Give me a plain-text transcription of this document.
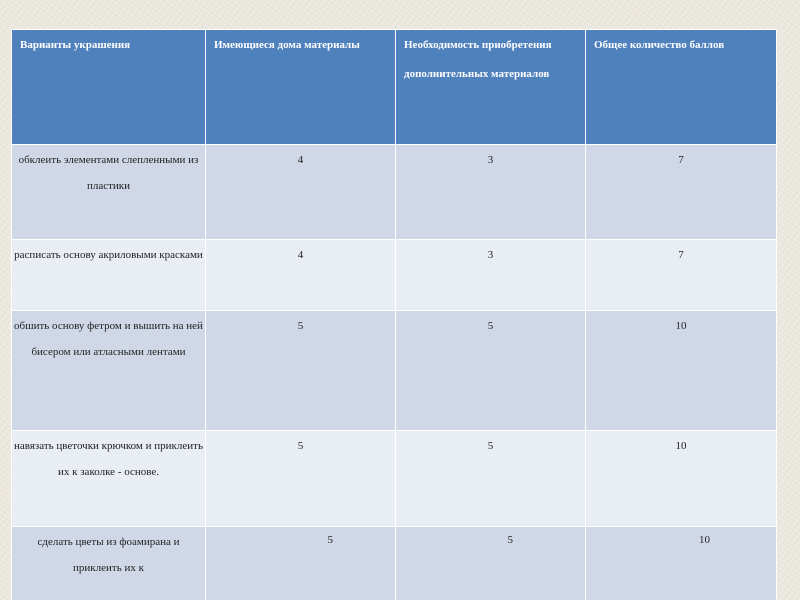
Варианты украшения	Имеющиеся дома материалы	Необходимость приобретения дополнительных материалов	Общее количество баллов
обклеить элементами слепленными из пластики	4	3	7
расписать основу акриловыми красками	4	3	7
обшить основу фетром и вышить на ней бисером или атласными лентами	5	5	10
навязать цветочки крючком и приклеить их к заколке - основе.	5	5	10
сделать цветы из фоамирана и приклеить их к	5	5	10
